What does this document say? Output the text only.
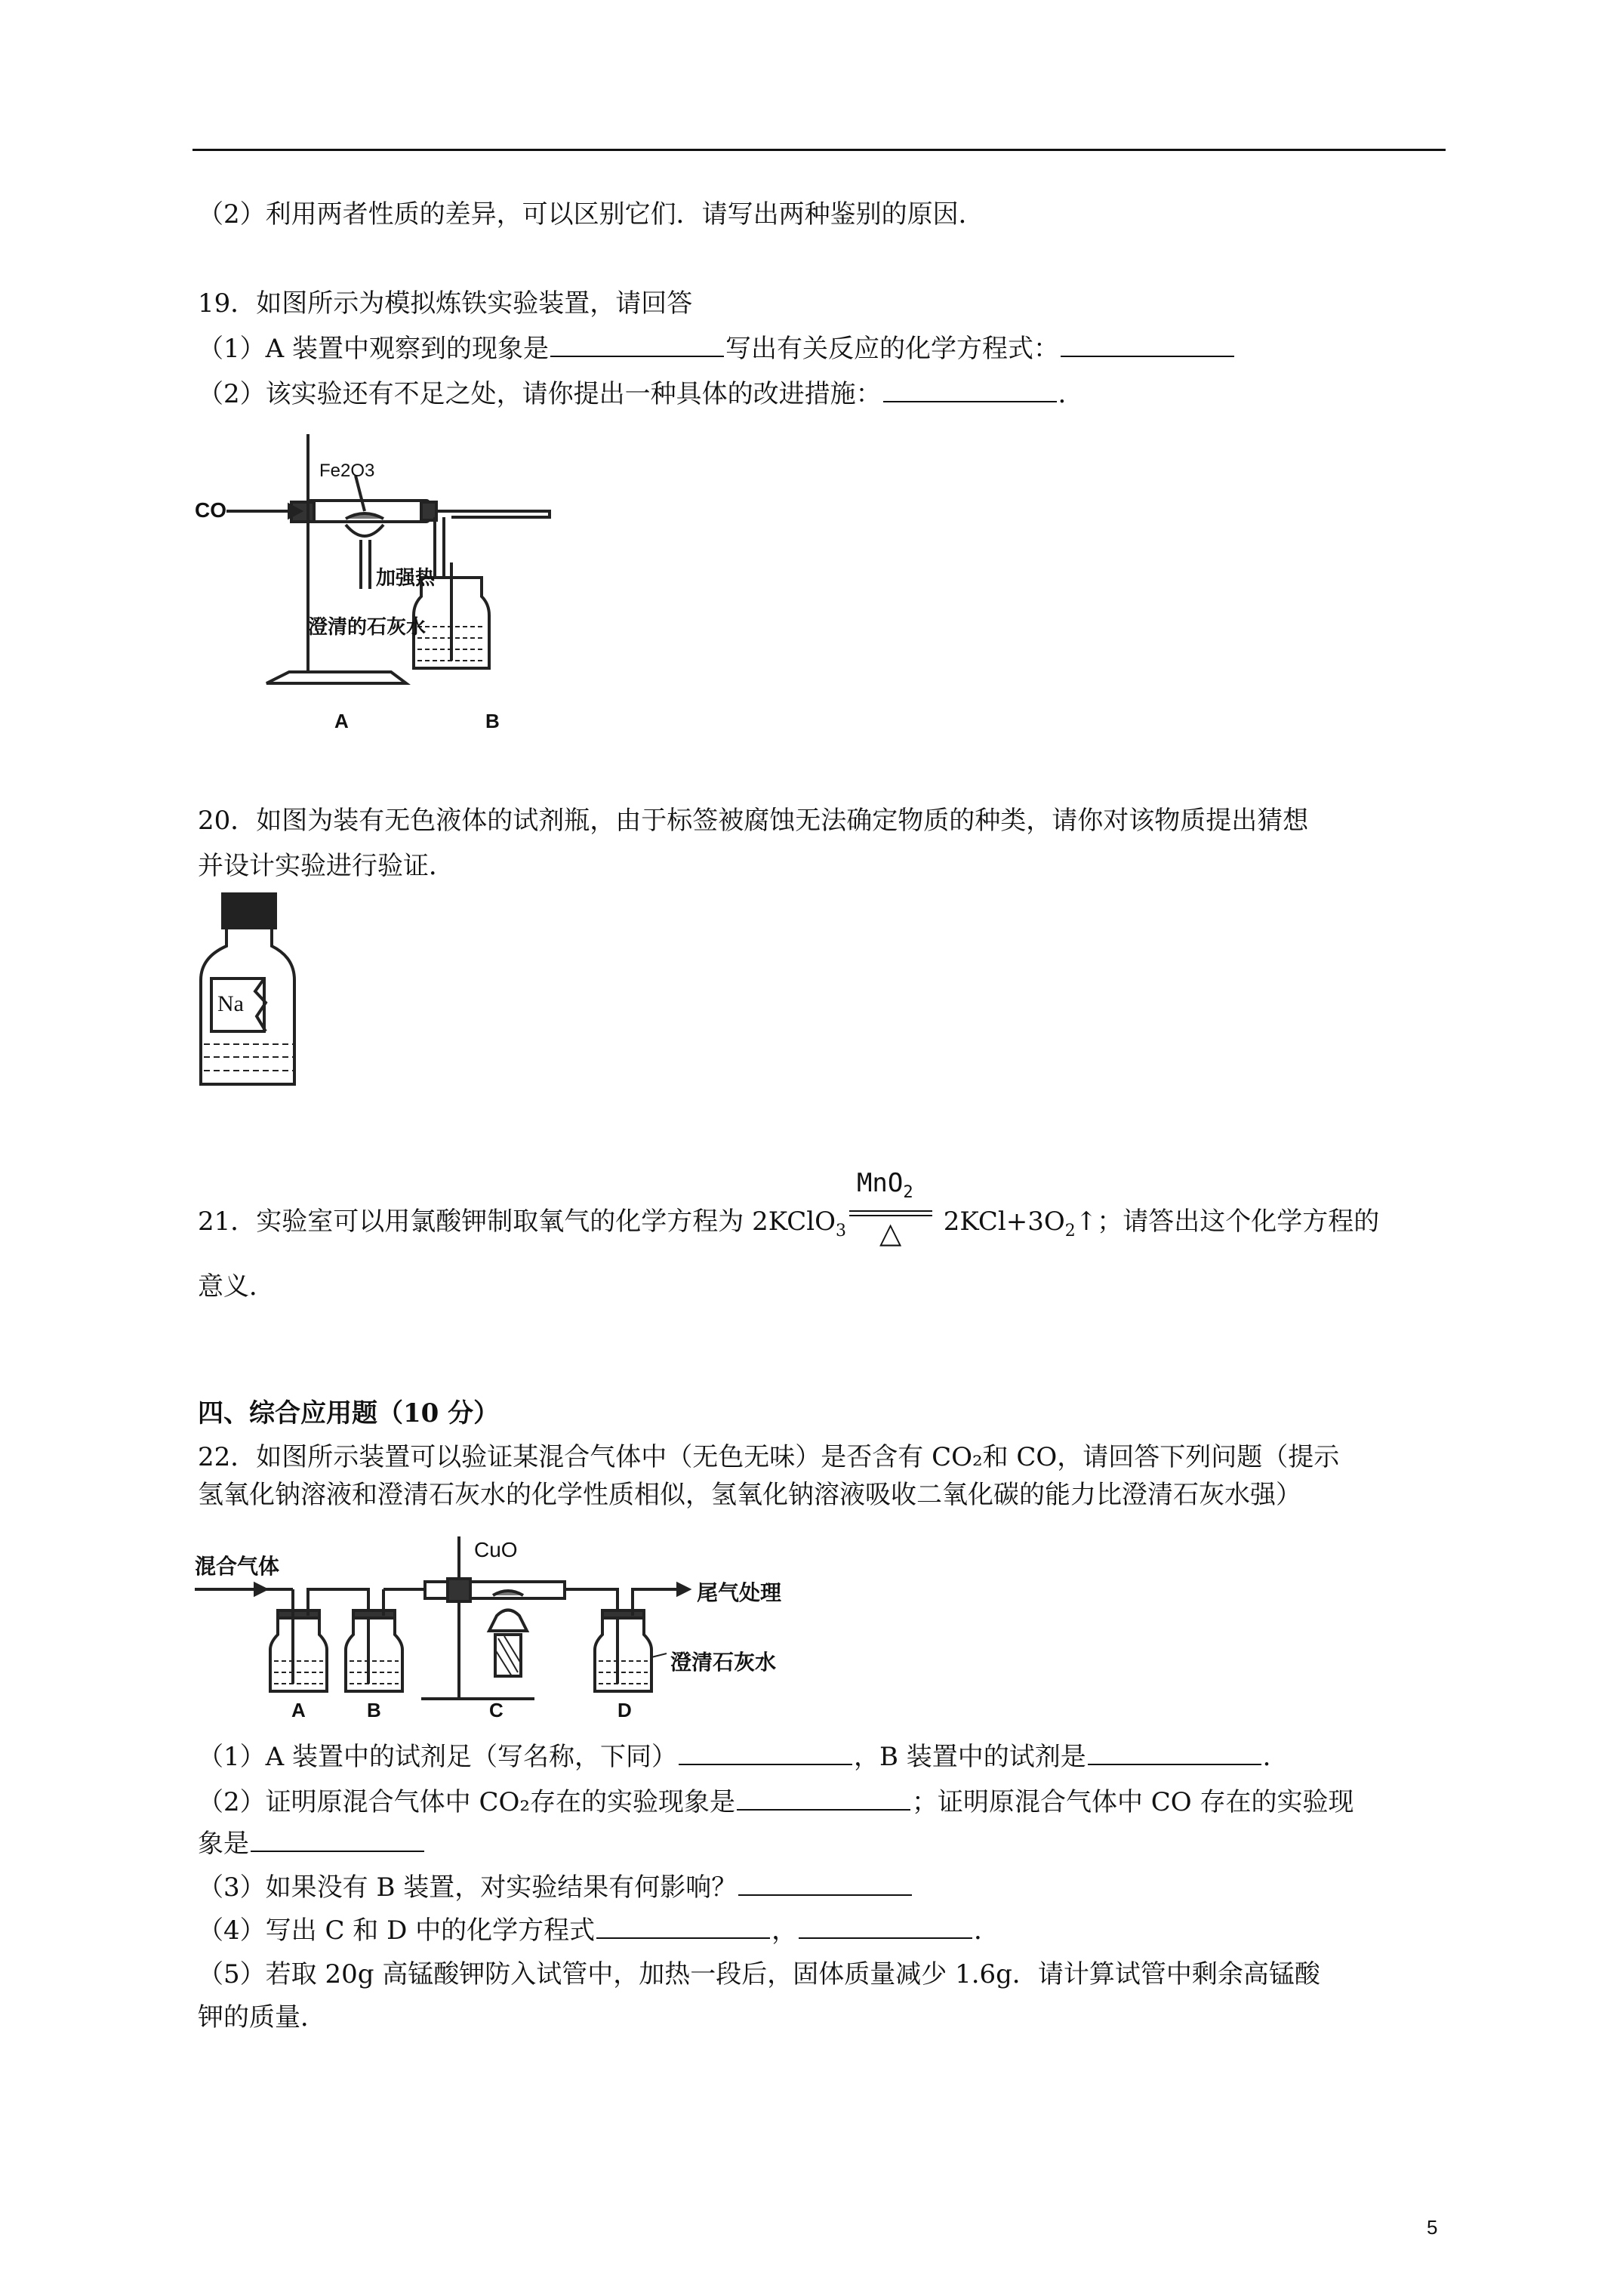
（2）利用两者性质的差异，可以区别它们．请写出两种鉴别的原因．
19．如图所示为模拟炼铁实验装置，请回答
（1）A 装置中观察到的现象是	写出有关反应的化学方程式：
（2）该实验还有不足之处，请你提出一种具体的改进措施：	．
CO
Fe2O3
加强热
澄清的石灰水
A	B
20．如图为装有无色液体的试剂瓶，由于标签被腐蚀无法确定物质的种类，请你对该物质提出猜想
并设计实验进行验证．
Na
21．实验室可以用氯酸钾制取氧气的化学方程为 2KClO$_3$
MnO$_2$
△ $2KCl+3O_2↑$；请答出这个化学方程的
意义．
四、综合应用题（10 分）
22．如图所示装置可以验证某混合气体中（无色无味）是否含有 CO₂和 CO，请回答下列问题（提示
氢氧化钠溶液和澄清石灰水的化学性质相似，氢氧化钠溶液吸收二氧化碳的能力比澄清石灰水强）
混合气体
CuO
尾气处理
澄清石灰水
A	B	C	D
（1）A 装置中的试剂足（写名称，下同）	，B 装置中的试剂是	．
（2）证明原混合气体中 CO₂存在的实验现象是	；证明原混合气体中 CO 存在的实验现
象是
（3）如果没有 B 装置，对实验结果有何影响？
（4）写出 C 和 D 中的化学方程式	，	．
（5）若取 20g 高锰酸钾防入试管中，加热一段后，固体质量减少 1.6g．请计算试管中剩余高锰酸
钾的质量．
5
